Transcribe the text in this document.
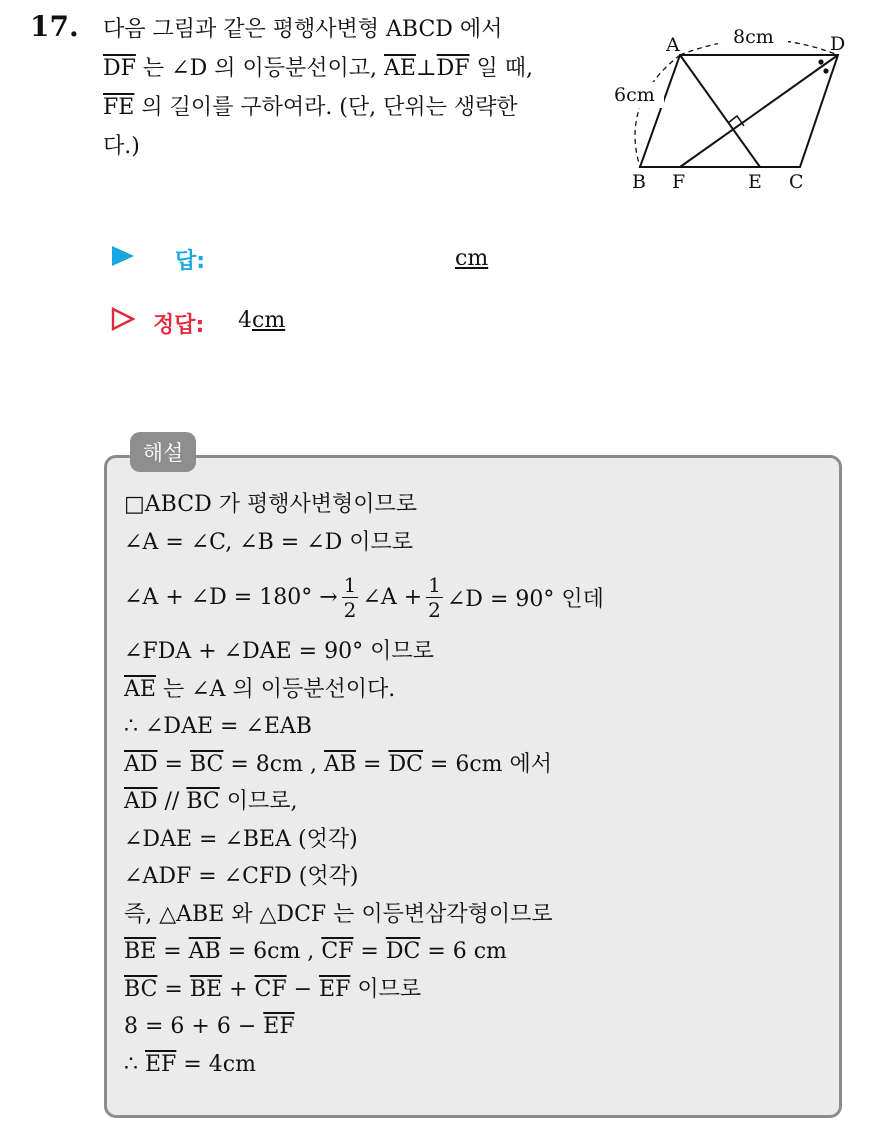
17. 다음 그림과 같은 평행사변형 ABCD 에서
$\overline{DF}$ 는 ∠D 의 이등분선이고, $\overline{AE}\perp\overline{DF}$ 일 때,
$\overline{FE}$ 의 길이를 구하여라. (단, 단위는 생략한
다.)
A	D
B F	E C
8cm
6cm
답:	cm
정답: 4cm
해설
□ABCD 가 평행사변형이므로
∠A = ∠C, ∠B = ∠D 이므로
∠A + ∠D = $180^\circ \to \frac{1}{2}$ ∠A + $\frac{1}{2}$ ∠D = 90° 인데
∠FDA + ∠DAE = 90° 이므로
$\overline{AE}$ 는 ∠A 의 이등분선이다.
∴ ∠DAE = ∠EAB
$\overline{AD} = \overline{BC} = 8cm$ , $\overline{AB} = \overline{DC} = 6cm$ 에서
$\overline{AD} // \overline{BC}$ 이므로,
∠DAE = ∠BEA (엇각)
∠ADF = ∠CFD (엇각)
즉, △ABE 와 △DCF 는 이등변삼각형이므로
$\overline{BE} = \overline{AB} = 6cm$ , $\overline{CF} = \overline{DC} = 6$ cm
$\overline{BC} = \overline{BE} + \overline{CF} - \overline{EF}$ 이므로
$8 = 6 + 6 - \overline{EF}$
∴ $\overline{EF} = 4cm$
